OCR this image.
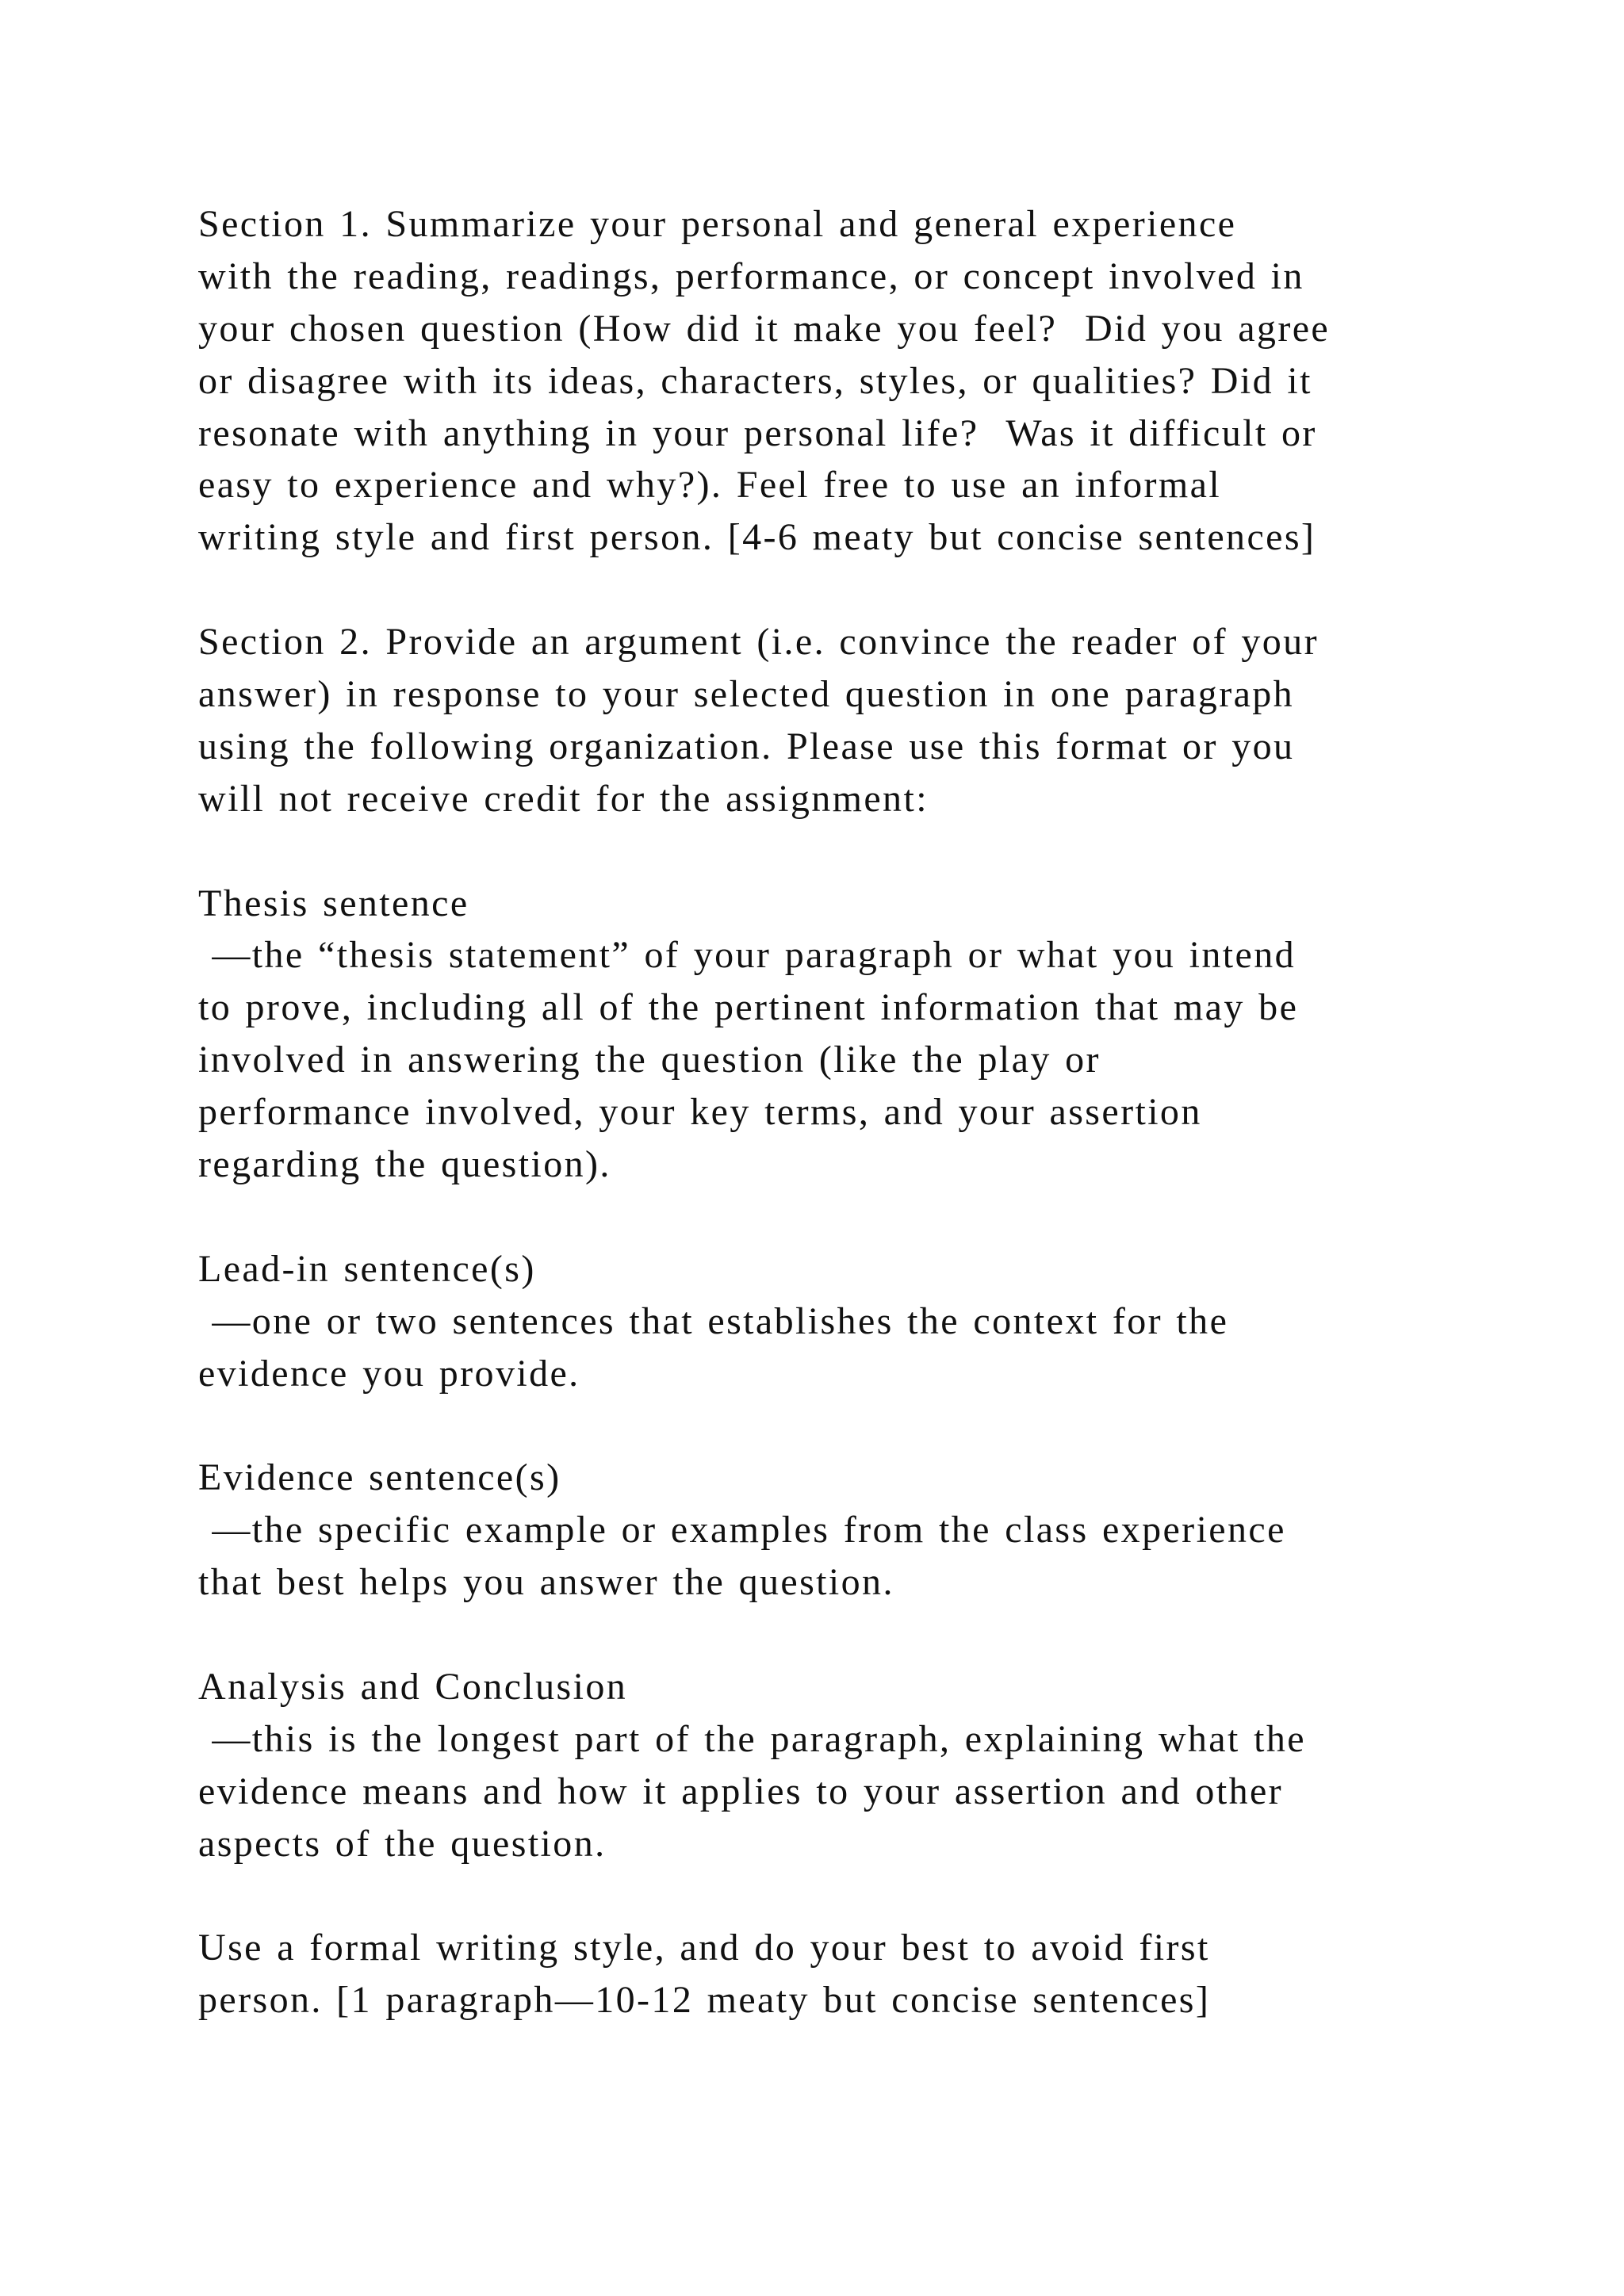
Section 1. Summarize your personal and general experience
with the reading, readings, performance, or concept involved in
your chosen question (How did it make you feel?  Did you agree
or disagree with its ideas, characters, styles, or qualities? Did it
resonate with anything in your personal life?  Was it difficult or
easy to experience and why?). Feel free to use an informal
writing style and first person. [4-6 meaty but concise sentences]
Section 2. Provide an argument (i.e. convince the reader of your
answer) in response to your selected question in one paragraph
using the following organization. Please use this format or you
will not receive credit for the assignment:
Thesis sentence
—the “thesis statement” of your paragraph or what you intend
to prove, including all of the pertinent information that may be
involved in answering the question (like the play or
performance involved, your key terms, and your assertion
regarding the question).
Lead-in sentence(s)
—one or two sentences that establishes the context for the
evidence you provide.
Evidence sentence(s)
—the specific example or examples from the class experience
that best helps you answer the question.
Analysis and Conclusion
—this is the longest part of the paragraph, explaining what the
evidence means and how it applies to your assertion and other
aspects of the question.
Use a formal writing style, and do your best to avoid first
person. [1 paragraph—10-12 meaty but concise sentences]
